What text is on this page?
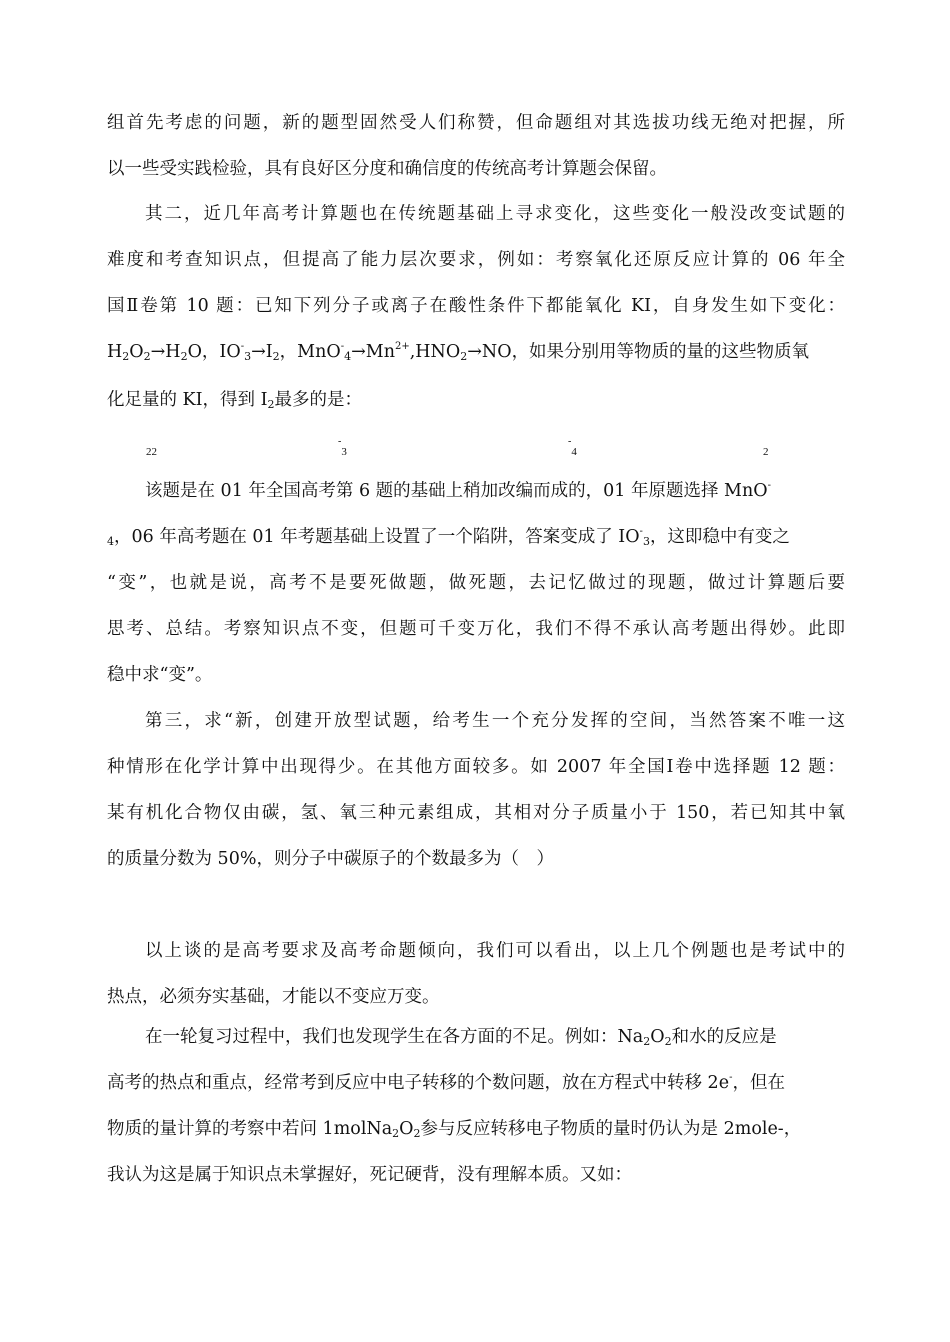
组首先考虑的问题，新的题型固然受人们称赞，但命题组对其选拔功线无绝对把握，所
以一些受实践检验，具有良好区分度和确信度的传统高考计算题会保留。
其二，近几年高考计算题也在传统题基础上寻求变化，这些变化一般没改变试题的
难度和考查知识点，但提高了能力层次要求，例如：考察氧化还原反应计算的 06 年全
国Ⅱ卷第 10 题：已知下列分子或离子在酸性条件下都能氧化 KI，自身发生如下变化：
$H_2O_2\to H_2O$，$IO^-_3\to I_2$，$MnO^-_4\to Mn^{2+},HNO_2\to NO$，如果分别用等物质的量的这些物质氧
化足量的 KI，得到 $I_2$最多的是：
$_{22}$
-$_3$
-$_4$	$_2$
该题是在 01 年全国高考第 6 题的基础上稍加改编而成的，01 年原题选择 MnO-
$_4$，06 年高考题在 01 年考题基础上设置了一个陷阱，答案变成了 $IO^-_3$，这即稳中有变之
“变”，也就是说，高考不是要死做题，做死题，去记忆做过的现题，做过计算题后要
思考、总结。考察知识点不变，但题可千变万化，我们不得不承认高考题出得妙。此即
稳中求“变”。
第三，求“新，创建开放型试题，给考生一个充分发挥的空间，当然答案不唯一这
种情形在化学计算中出现得少。在其他方面较多。如 2007 年全国Ⅰ卷中选择题 12 题：
某有机化合物仅由碳，氢、氧三种元素组成，其相对分子质量小于 150，若已知其中氧
的质量分数为 50%，则分子中碳原子的个数最多为（　）
以上谈的是高考要求及高考命题倾向，我们可以看出，以上几个例题也是考试中的
热点，必须夯实基础，才能以不变应万变。
在一轮复习过程中，我们也发现学生在各方面的不足。例如：$Na_2O_2$和水的反应是
高考的热点和重点，经常考到反应中电子转移的个数问题，放在方程式中转移 2e-，但在
物质的量计算的考察中若问 $1molNa_2O_2$参与反应转移电子物质的量时仍认为是 2mole-，
我认为这是属于知识点未掌握好，死记硬背，没有理解本质。又如：
